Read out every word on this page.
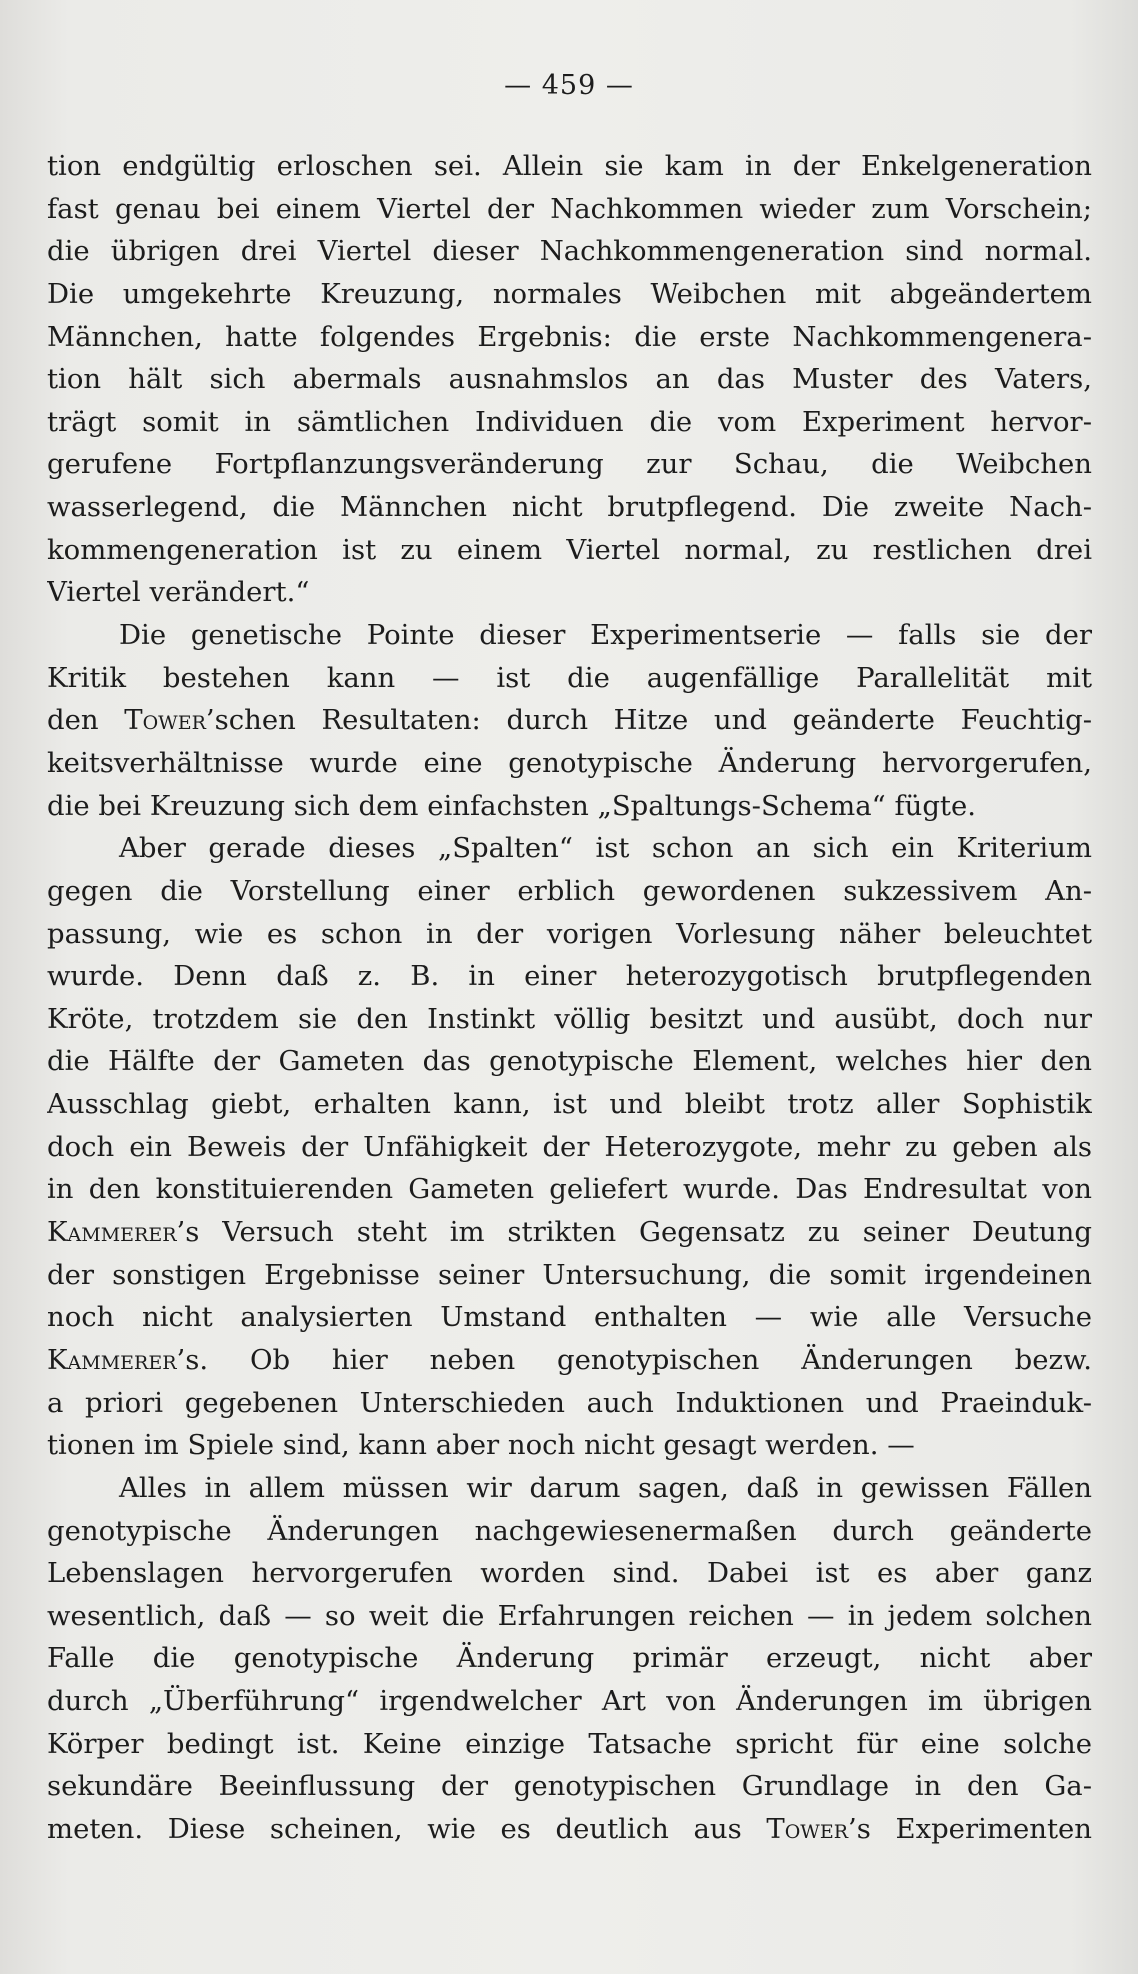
— 459 —
tion endgültig erloschen sei. Allein sie kam in der Enkelgeneration
fast genau bei einem Viertel der Nachkommen wieder zum Vorschein;
die übrigen drei Viertel dieser Nachkommengeneration sind normal.
Die umgekehrte Kreuzung, normales Weibchen mit abgeändertem
Männchen, hatte folgendes Ergebnis: die erste Nachkommengenera-
tion hält sich abermals ausnahmslos an das Muster des Vaters,
trägt somit in sämtlichen Individuen die vom Experiment hervor-
gerufene Fortpflanzungsveränderung zur Schau, die Weibchen
wasserlegend, die Männchen nicht brutpflegend. Die zweite Nach-
kommengeneration ist zu einem Viertel normal, zu restlichen drei
Viertel verändert.“
Die genetische Pointe dieser Experimentserie — falls sie der
Kritik bestehen kann — ist die augenfällige Parallelität mit
den Tower’schen Resultaten: durch Hitze und geänderte Feuchtig-
keitsverhältnisse wurde eine genotypische Änderung hervorgerufen,
die bei Kreuzung sich dem einfachsten „Spaltungs-Schema“ fügte.
Aber gerade dieses „Spalten“ ist schon an sich ein Kriterium
gegen die Vorstellung einer erblich gewordenen sukzessivem An-
passung, wie es schon in der vorigen Vorlesung näher beleuchtet
wurde. Denn daß z. B. in einer heterozygotisch brutpflegenden
Kröte, trotzdem sie den Instinkt völlig besitzt und ausübt, doch nur
die Hälfte der Gameten das genotypische Element, welches hier den
Ausschlag giebt, erhalten kann, ist und bleibt trotz aller Sophistik
doch ein Beweis der Unfähigkeit der Heterozygote, mehr zu geben als
in den konstituierenden Gameten geliefert wurde. Das Endresultat von
Kammerer’s Versuch steht im strikten Gegensatz zu seiner Deutung
der sonstigen Ergebnisse seiner Untersuchung, die somit irgendeinen
noch nicht analysierten Umstand enthalten — wie alle Versuche
Kammerer’s. Ob hier neben genotypischen Änderungen bezw.
a priori gegebenen Unterschieden auch Induktionen und Praeinduk-
tionen im Spiele sind, kann aber noch nicht gesagt werden. —
Alles in allem müssen wir darum sagen, daß in gewissen Fällen
genotypische Änderungen nachgewiesenermaßen durch geänderte
Lebenslagen hervorgerufen worden sind. Dabei ist es aber ganz
wesentlich, daß — so weit die Erfahrungen reichen — in jedem solchen
Falle die genotypische Änderung primär erzeugt, nicht aber
durch „Überführung“ irgendwelcher Art von Änderungen im übrigen
Körper bedingt ist. Keine einzige Tatsache spricht für eine solche
sekundäre Beeinflussung der genotypischen Grundlage in den Ga-
meten. Diese scheinen, wie es deutlich aus Tower’s Experimenten
